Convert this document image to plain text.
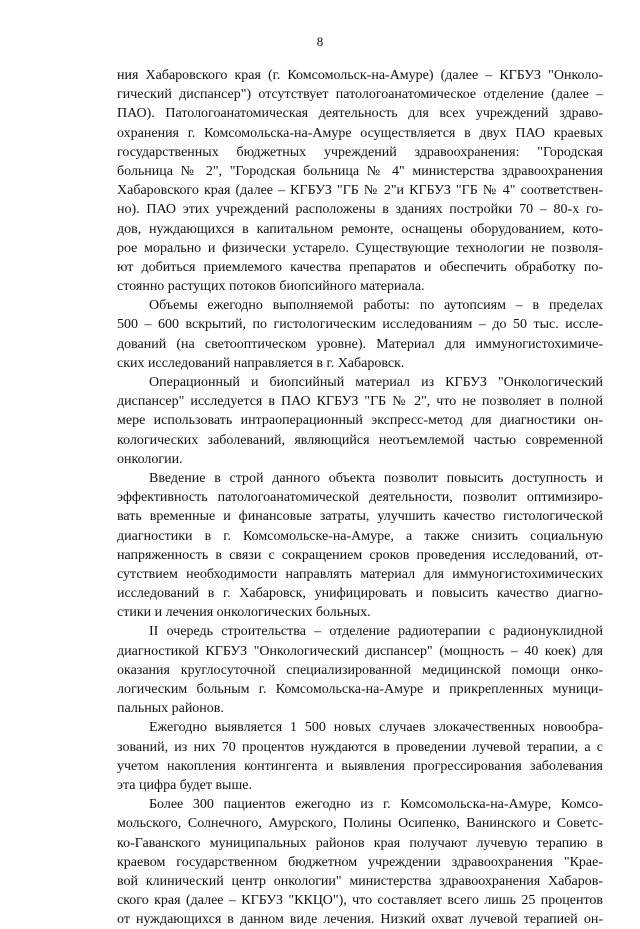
8
ния Хабаровского края (г. Комсомольск-на-Амуре) (далее – КГБУЗ "Онколо-
гический диспансер") отсутствует патологоанатомическое отделение (далее –
ПАО). Патологоанатомическая деятельность для всех учреждений здраво-
охранения г. Комсомольска-на-Амуре осуществляется в двух ПАО краевых
государственных бюджетных учреждений здравоохранения: "Городская
больница № 2", "Городская больница № 4" министерства здравоохранения
Хабаровского края (далее – КГБУЗ "ГБ № 2"и КГБУЗ "ГБ № 4" соответствен-
но). ПАО этих учреждений расположены в зданиях постройки 70 – 80-х го-
дов, нуждающихся в капитальном ремонте, оснащены оборудованием, кото-
рое морально и физически устарело. Существующие технологии не позволя-
ют добиться приемлемого качества препаратов и обеспечить обработку по-
стоянно растущих потоков биопсийного материала.
Объемы ежегодно выполняемой работы: по аутопсиям – в пределах
500 – 600 вскрытий, по гистологическим исследованиям – до 50 тыс. иссле-
дований (на светооптическом уровне). Материал для иммуногистохимиче-
ских исследований направляется в г. Хабаровск.
Операционный и биопсийный материал из КГБУЗ "Онкологический
диспансер" исследуется в ПАО КГБУЗ "ГБ № 2", что не позволяет в полной
мере использовать интраоперационный экспресс-метод для диагностики он-
кологических заболеваний, являющийся неотъемлемой частью современной
онкологии.
Введение в строй данного объекта позволит повысить доступность и
эффективность патологоанатомической деятельности, позволит оптимизиро-
вать временные и финансовые затраты, улучшить качество гистологической
диагностики в г. Комсомольске-на-Амуре, а также снизить социальную
напряженность в связи с сокращением сроков проведения исследований, от-
сутствием необходимости направлять материал для иммуногистохимических
исследований в г. Хабаровск, унифицировать и повысить качество диагно-
стики и лечения онкологических больных.
II очередь строительства – отделение радиотерапии с радионуклидной
диагностикой КГБУЗ "Онкологический диспансер" (мощность – 40 коек) для
оказания круглосуточной специализированной медицинской помощи онко-
логическим больным г. Комсомольска-на-Амуре и прикрепленных муници-
пальных районов.
Ежегодно выявляется 1 500 новых случаев злокачественных новообра-
зований, из них 70 процентов нуждаются в проведении лучевой терапии, а с
учетом накопления контингента и выявления прогрессирования заболевания
эта цифра будет выше.
Более 300 пациентов ежегодно из г. Комсомольска-на-Амуре, Комсо-
мольского, Солнечного, Амурского, Полины Осипенко, Ванинского и Советс-
ко-Гаванского муниципальных районов края получают лучевую терапию в
краевом государственном бюджетном учреждении здравоохранения "Крае-
вой клинический центр онкологии" министерства здравоохранения Хабаров-
ского края (далее – КГБУЗ "ККЦО"), что составляет всего лишь 25 процентов
от нуждающихся в данном виде лечения. Низкий охват лучевой терапией он-
